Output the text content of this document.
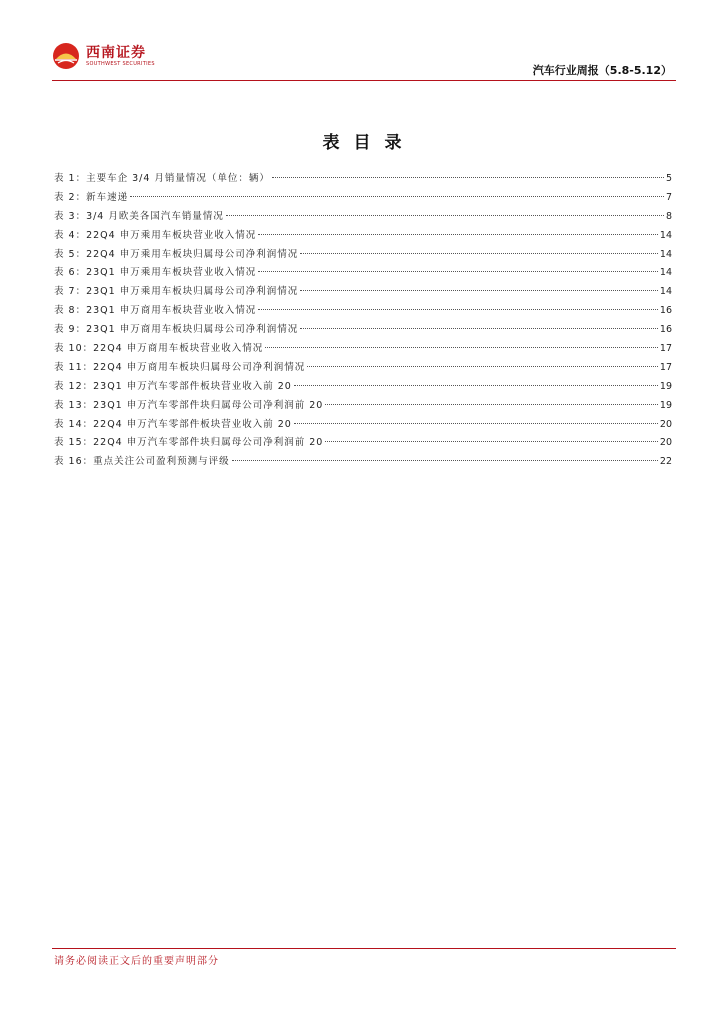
西南证券
SOUTHWEST SECURITIES
汽车行业周报（5.8-5.12）
表目录
表 1：主要车企 3/4 月销量情况（单位：辆）	5
表 2：新车速递	7
表 3：3/4 月欧美各国汽车销量情况	8
表 4：22Q4 申万乘用车板块营业收入情况	14
表 5：22Q4 申万乘用车板块归属母公司净利润情况	14
表 6：23Q1 申万乘用车板块营业收入情况	14
表 7：23Q1 申万乘用车板块归属母公司净利润情况	14
表 8：23Q1 申万商用车板块营业收入情况	16
表 9：23Q1 申万商用车板块归属母公司净利润情况	16
表 10：22Q4 申万商用车板块营业收入情况	17
表 11：22Q4 申万商用车板块归属母公司净利润情况	17
表 12：23Q1 申万汽车零部件板块营业收入前 20	19
表 13：23Q1 申万汽车零部件块归属母公司净利润前 20	19
表 14：22Q4 申万汽车零部件板块营业收入前 20	20
表 15：22Q4 申万汽车零部件块归属母公司净利润前 20	20
表 16：重点关注公司盈利预测与评级	22
请务必阅读正文后的重要声明部分
